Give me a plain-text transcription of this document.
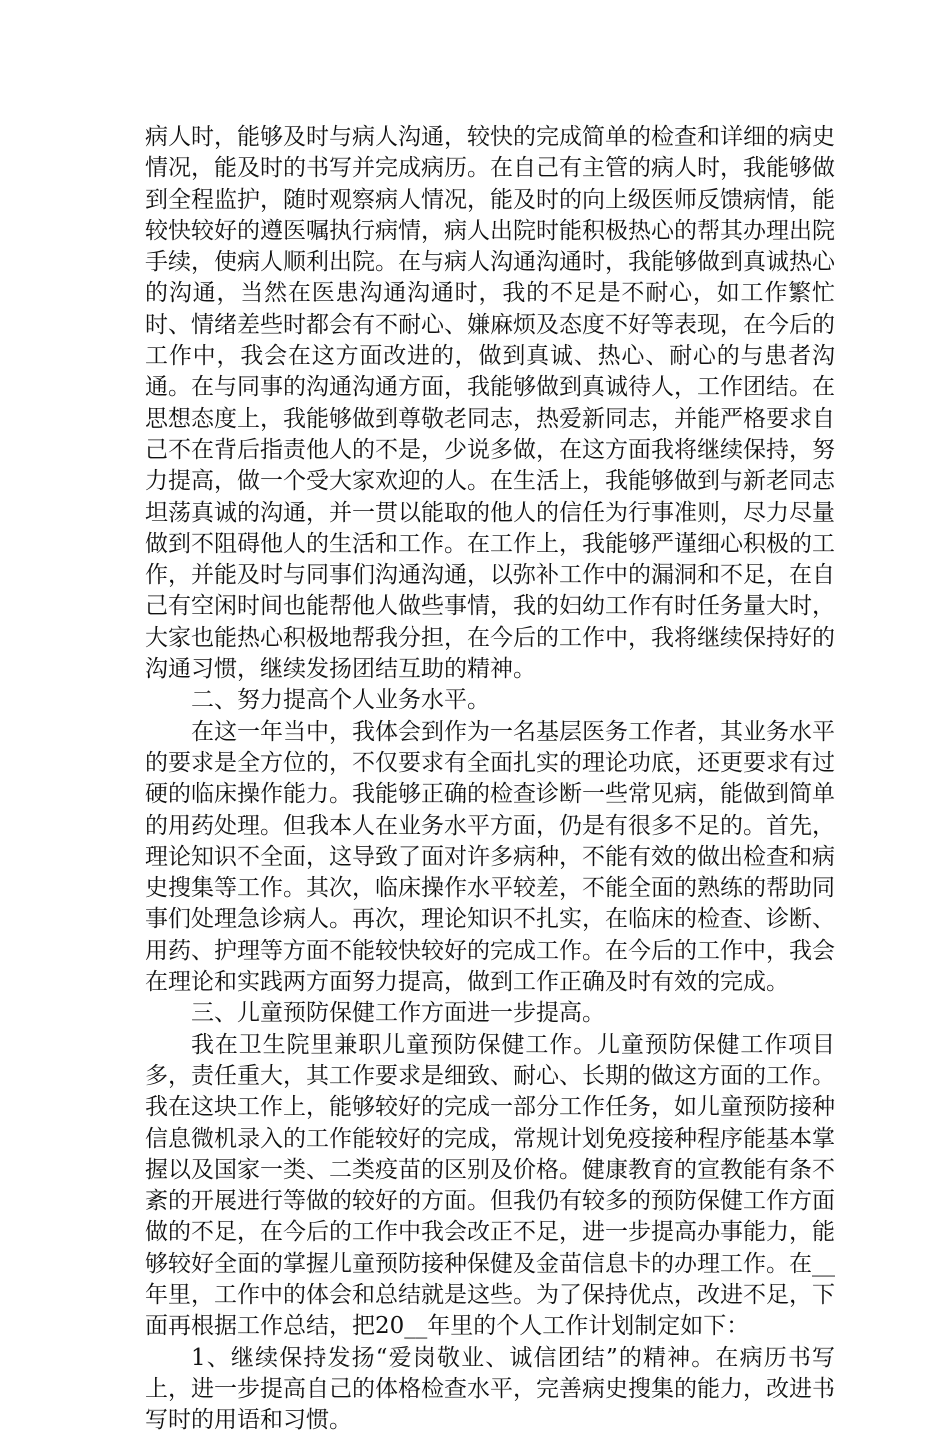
病人时，能够及时与病人沟通，较快的完成简单的检查和详细的病史情况，能及时的书写并完成病历。在自己有主管的病人时，我能够做到全程监护，随时观察病人情况，能及时的向上级医师反馈病情，能较快较好的遵医嘱执行病情，病人出院时能积极热心的帮其办理出院手续，使病人顺利出院。在与病人沟通沟通时，我能够做到真诚热心的沟通，当然在医患沟通沟通时，我的不足是不耐心，如工作繁忙时、情绪差些时都会有不耐心、嫌麻烦及态度不好等表现，在今后的工作中，我会在这方面改进的，做到真诚、热心、耐心的与患者沟通。在与同事的沟通沟通方面，我能够做到真诚待人，工作团结。在思想态度上，我能够做到尊敬老同志，热爱新同志，并能严格要求自己不在背后指责他人的不是，少说多做，在这方面我将继续保持，努力提高，做一个受大家欢迎的人。在生活上，我能够做到与新老同志坦荡真诚的沟通，并一贯以能取的他人的信任为行事准则，尽力尽量做到不阻碍他人的生活和工作。在工作上，我能够严谨细心积极的工作，并能及时与同事们沟通沟通，以弥补工作中的漏洞和不足，在自己有空闲时间也能帮他人做些事情，我的妇幼工作有时任务量大时，大家也能热心积极地帮我分担，在今后的工作中，我将继续保持好的沟通习惯，继续发扬团结互助的精神。

二、努力提高个人业务水平。

在这一年当中，我体会到作为一名基层医务工作者，其业务水平的要求是全方位的，不仅要求有全面扎实的理论功底，还更要求有过硬的临床操作能力。我能够正确的检查诊断一些常见病，能做到简单的用药处理。但我本人在业务水平方面，仍是有很多不足的。首先，理论知识不全面，这导致了面对许多病种，不能有效的做出检查和病史搜集等工作。其次，临床操作水平较差，不能全面的熟练的帮助同事们处理急诊病人。再次，理论知识不扎实，在临床的检查、诊断、用药、护理等方面不能较快较好的完成工作。在今后的工作中，我会在理论和实践两方面努力提高，做到工作正确及时有效的完成。

三、儿童预防保健工作方面进一步提高。

我在卫生院里兼职儿童预防保健工作。儿童预防保健工作项目多，责任重大，其工作要求是细致、耐心、长期的做这方面的工作。我在这块工作上，能够较好的完成一部分工作任务，如儿童预防接种信息微机录入的工作能较好的完成，常规计划免疫接种程序能基本掌握以及国家一类、二类疫苗的区别及价格。健康教育的宣教能有条不紊的开展进行等做的较好的方面。但我仍有较多的预防保健工作方面做的不足，在今后的工作中我会改正不足，进一步提高办事能力，能够较好全面的掌握儿童预防接种保健及金苗信息卡的办理工作。在__年里，工作中的体会和总结就是这些。为了保持优点，改进不足，下面再根据工作总结，把20__年里的个人工作计划制定如下：

1、继续保持发扬“爱岗敬业、诚信团结”的精神。在病历书写上，进一步提高自己的体格检查水平，完善病史搜集的能力，改进书写时的用语和习惯。
